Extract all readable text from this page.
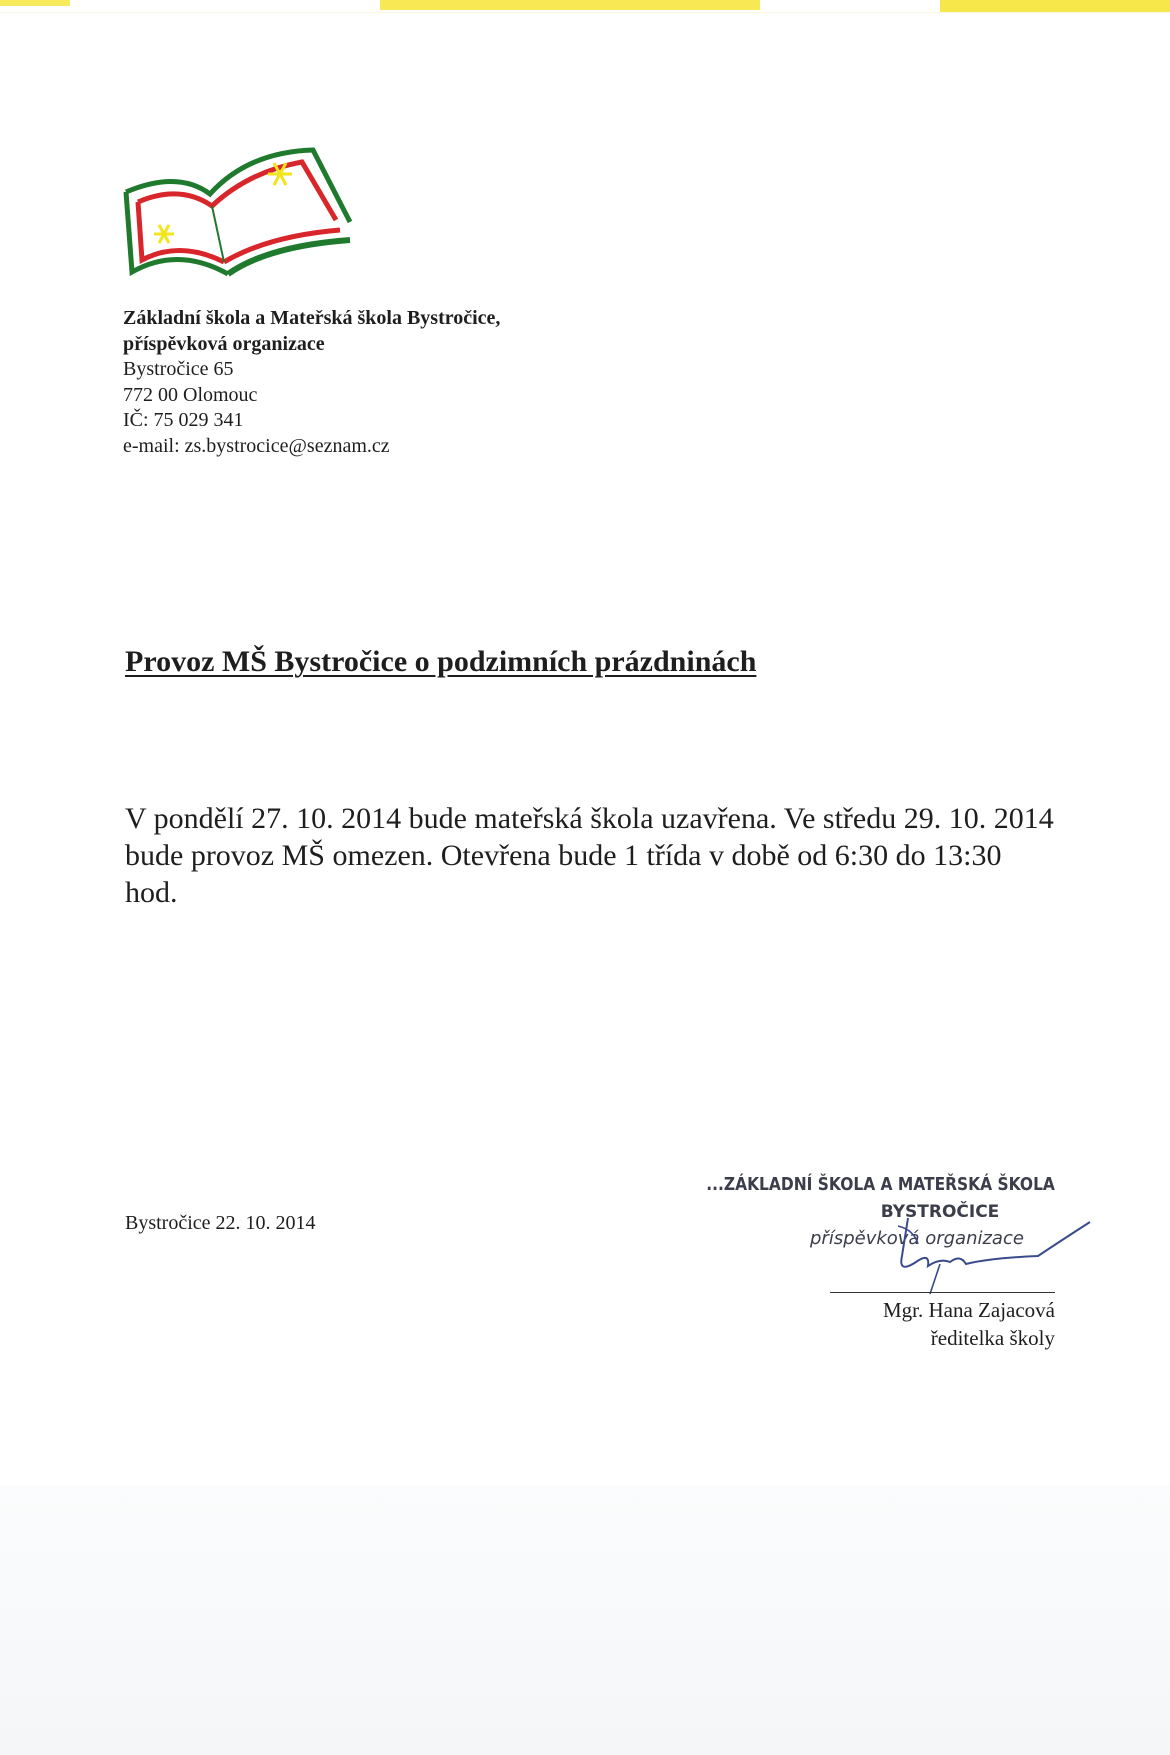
Základní škola a Mateřská škola Bystročice,
příspěvková organizace
Bystročice 65
772 00 Olomouc
IČ: 75 029 341
e-mail: zs.bystrocice@seznam.cz
Provoz MŠ Bystročice o podzimních prázdninách
V pondělí 27. 10. 2014 bude mateřská škola uzavřena. Ve středu 29. 10. 2014 bude provoz MŠ omezen. Otevřena bude 1 třída v době od 6:30 do 13:30 hod.
Bystročice 22. 10. 2014
...ZÁKLADNÍ ŠKOLA A MATEŘSKÁ ŠKOLA
BYSTROČICE
příspěvková organizace
Mgr. Hana Zajacová
ředitelka školy
